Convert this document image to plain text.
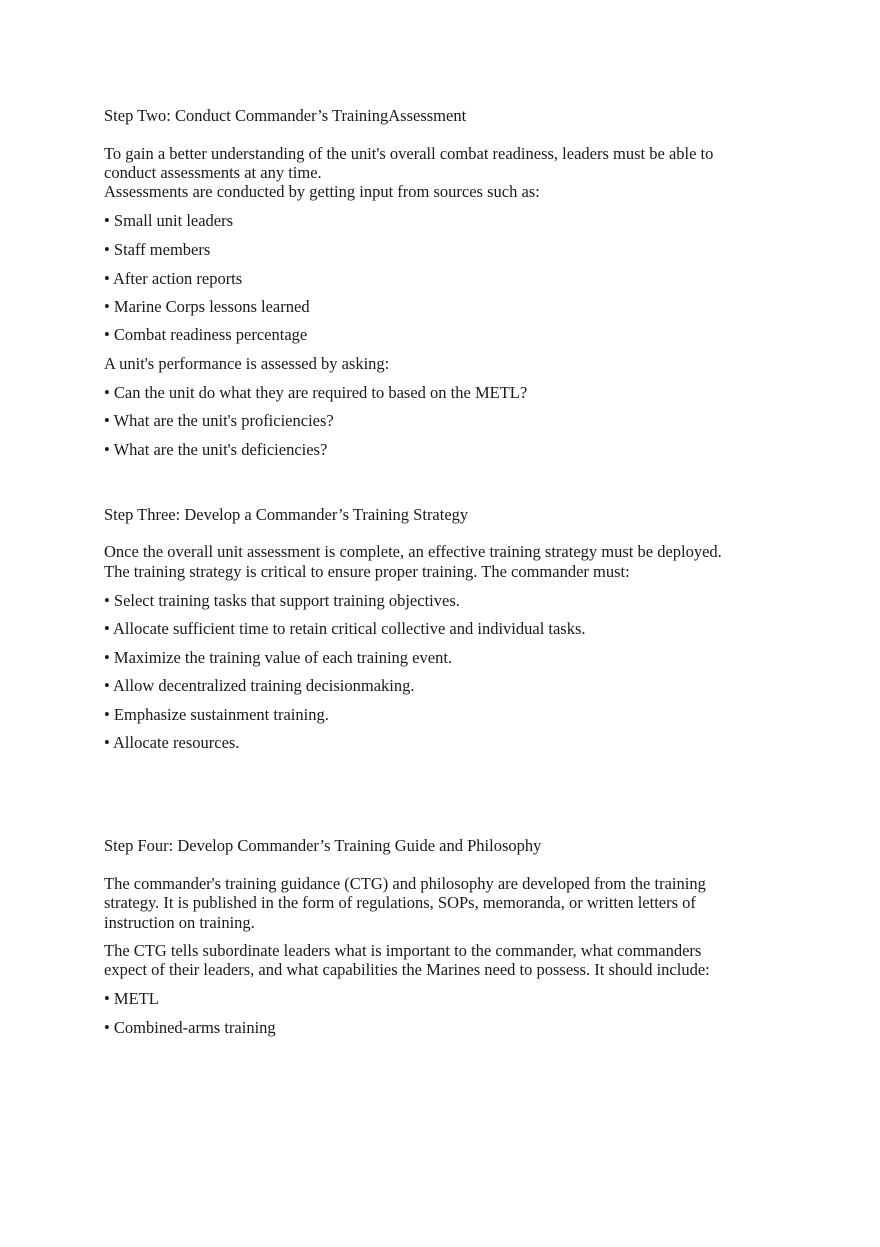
Step Two: Conduct Commander’s TrainingAssessment
To gain a better understanding of the unit's overall combat readiness, leaders must be able to
conduct assessments at any time.
Assessments are conducted by getting input from sources such as:
• Small unit leaders
• Staff members
• After action reports
• Marine Corps lessons learned
• Combat readiness percentage
A unit's performance is assessed by asking:
• Can the unit do what they are required to based on the METL?
• What are the unit's proficiencies?
• What are the unit's deficiencies?
Step Three: Develop a Commander’s Training Strategy
Once the overall unit assessment is complete, an effective training strategy must be deployed.
The training strategy is critical to ensure proper training. The commander must:
• Select training tasks that support training objectives.
• Allocate sufficient time to retain critical collective and individual tasks.
• Maximize the training value of each training event.
• Allow decentralized training decisionmaking.
• Emphasize sustainment training.
• Allocate resources.
Step Four: Develop Commander’s Training Guide and Philosophy
The commander's training guidance (CTG) and philosophy are developed from the training
strategy. It is published in the form of regulations, SOPs, memoranda, or written letters of
instruction on training.
The CTG tells subordinate leaders what is important to the commander, what commanders
expect of their leaders, and what capabilities the Marines need to possess. It should include:
• METL
• Combined-arms training
